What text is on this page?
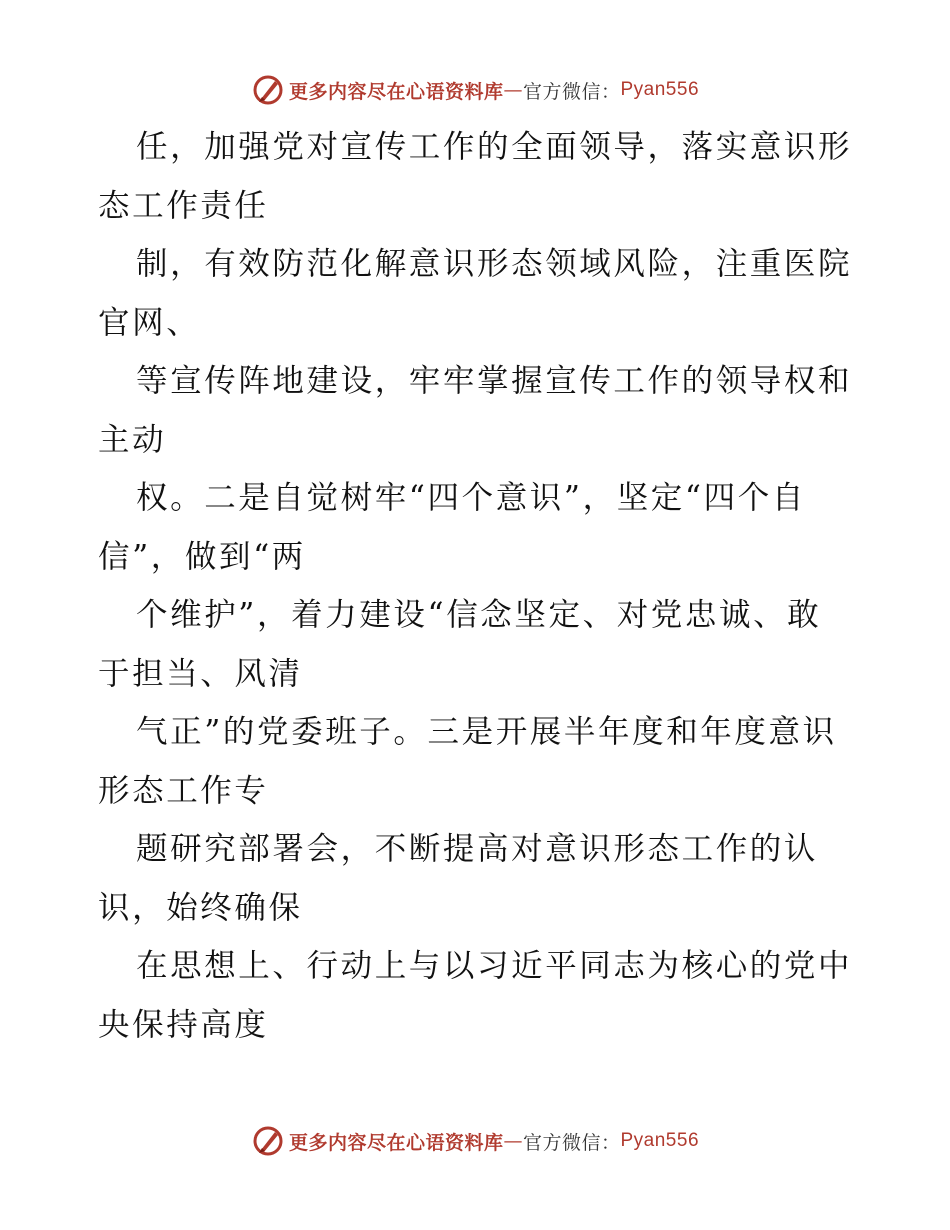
更多内容尽在心语资料库 — 官方微信： Pyan556

任，加强党对宣传工作的全面领导，落实意识形
态工作责任

制，有效防范化解意识形态领域风险，注重医院
官网、

等宣传阵地建设，牢牢掌握宣传工作的领导权和
主动

权。二是自觉树牢“四个意识”，坚定“四个自
信”，做到“两

个维护”，着力建设“信念坚定、对党忠诚、敢
于担当、风清

气正”的党委班子。三是开展半年度和年度意识
形态工作专

题研究部署会，不断提高对意识形态工作的认
识，始终确保

在思想上、行动上与以习近平同志为核心的党中
央保持高度

更多内容尽在心语资料库 — 官方微信： Pyan556
